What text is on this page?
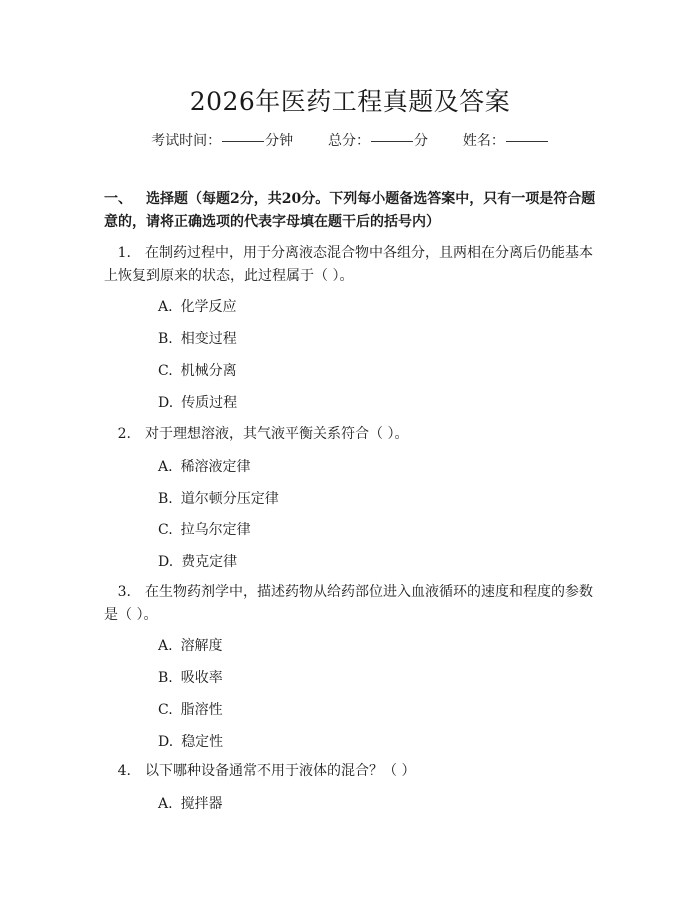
2026年医药工程真题及答案
考试时间：	分钟 总分：	分 姓名：
一、 选择题（每题2分，共20分。下列每小题备选答案中，只有一项是符合题意的，请将正确选项的代表字母填在题干后的括号内）
1. 在制药过程中，用于分离液态混合物中各组分，且两相在分离后仍能基本
上恢复到原来的状态，此过程属于（ ）。
A. 化学反应
B. 相变过程
C. 机械分离
D. 传质过程
2. 对于理想溶液，其气液平衡关系符合（ ）。
A. 稀溶液定律
B. 道尔顿分压定律
C. 拉乌尔定律
D. 费克定律
3. 在生物药剂学中，描述药物从给药部位进入血液循环的速度和程度的参数
是（ ）。
A. 溶解度
B. 吸收率
C. 脂溶性
D. 稳定性
4. 以下哪种设备通常不用于液体的混合？（ ）
A. 搅拌器
